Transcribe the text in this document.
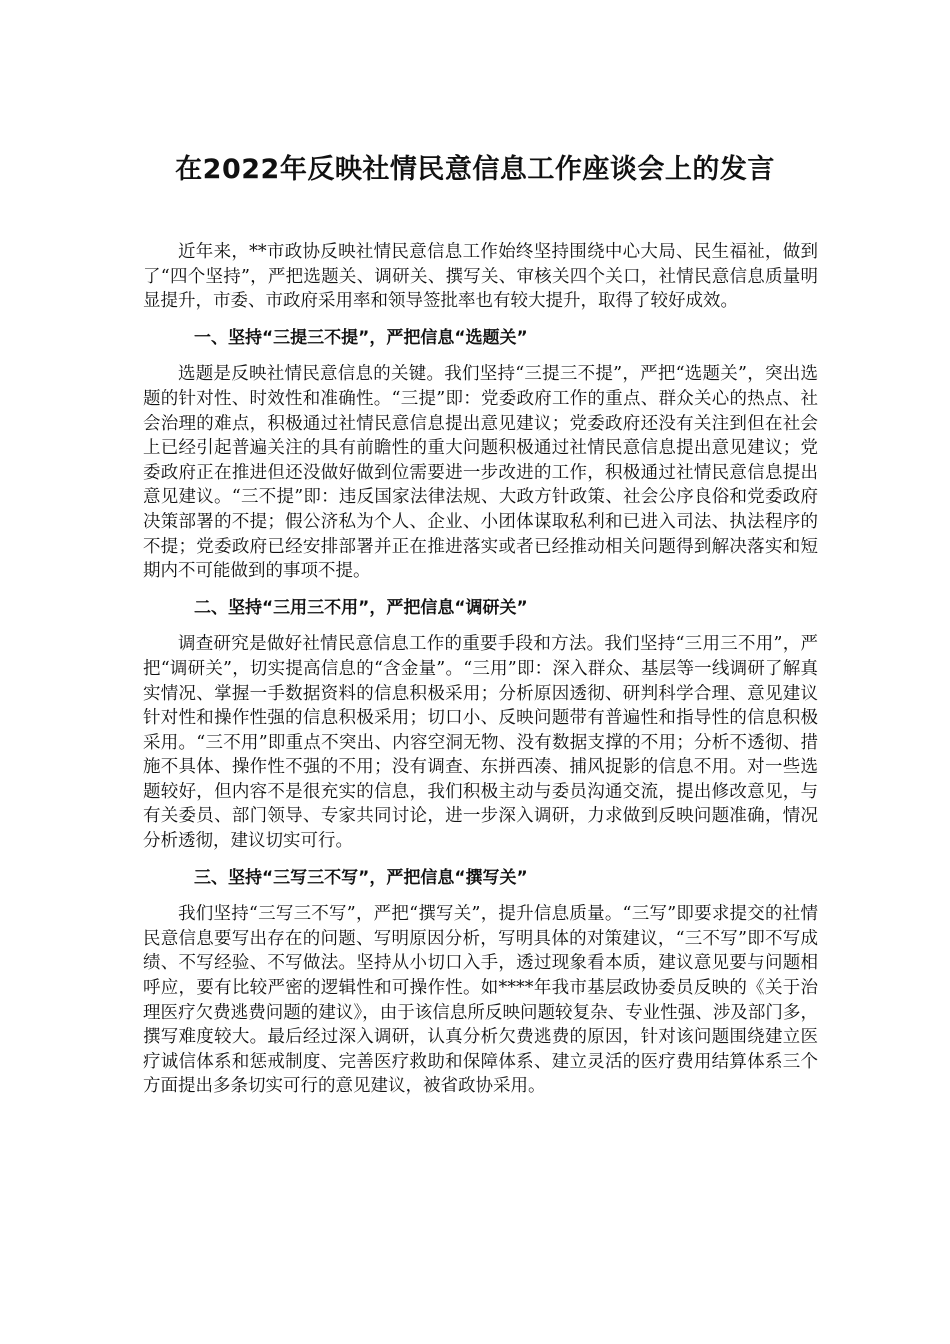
在2022年反映社情民意信息工作座谈会上的发言

近年来，**市政协反映社情民意信息工作始终坚持围绕中心大局、民生福祉，做到了“四个坚持”，严把选题关、调研关、撰写关、审核关四个关口，社情民意信息质量明显提升，市委、市政府采用率和领导签批率也有较大提升，取得了较好成效。

一、坚持“三提三不提”，严把信息“选题关”

选题是反映社情民意信息的关键。我们坚持“三提三不提”，严把“选题关”，突出选题的针对性、时效性和准确性。“三提”即：党委政府工作的重点、群众关心的热点、社会治理的难点，积极通过社情民意信息提出意见建议；党委政府还没有关注到但在社会上已经引起普遍关注的具有前瞻性的重大问题积极通过社情民意信息提出意见建议；党委政府正在推进但还没做好做到位需要进一步改进的工作，积极通过社情民意信息提出意见建议。“三不提”即：违反国家法律法规、大政方针政策、社会公序良俗和党委政府决策部署的不提；假公济私为个人、企业、小团体谋取私利和已进入司法、执法程序的不提；党委政府已经安排部署并正在推进落实或者已经推动相关问题得到解决落实和短期内不可能做到的事项不提。

二、坚持“三用三不用”，严把信息“调研关”

调查研究是做好社情民意信息工作的重要手段和方法。我们坚持“三用三不用”，严把“调研关”，切实提高信息的“含金量”。“三用”即：深入群众、基层等一线调研了解真实情况、掌握一手数据资料的信息积极采用；分析原因透彻、研判科学合理、意见建议针对性和操作性强的信息积极采用；切口小、反映问题带有普遍性和指导性的信息积极采用。“三不用”即重点不突出、内容空洞无物、没有数据支撑的不用；分析不透彻、措施不具体、操作性不强的不用；没有调查、东拼西凑、捕风捉影的信息不用。对一些选题较好，但内容不是很充实的信息，我们积极主动与委员沟通交流，提出修改意见，与有关委员、部门领导、专家共同讨论，进一步深入调研，力求做到反映问题准确，情况分析透彻，建议切实可行。

三、坚持“三写三不写”，严把信息“撰写关”

我们坚持“三写三不写”，严把“撰写关”，提升信息质量。“三写”即要求提交的社情民意信息要写出存在的问题、写明原因分析，写明具体的对策建议，“三不写”即不写成绩、不写经验、不写做法。坚持从小切口入手，透过现象看本质，建议意见要与问题相呼应，要有比较严密的逻辑性和可操作性。如****年我市基层政协委员反映的《关于治理医疗欠费逃费问题的建议》，由于该信息所反映问题较复杂、专业性强、涉及部门多，撰写难度较大。最后经过深入调研，认真分析欠费逃费的原因，针对该问题围绕建立医疗诚信体系和惩戒制度、完善医疗救助和保障体系、建立灵活的医疗费用结算体系三个方面提出多条切实可行的意见建议，被省政协采用。
